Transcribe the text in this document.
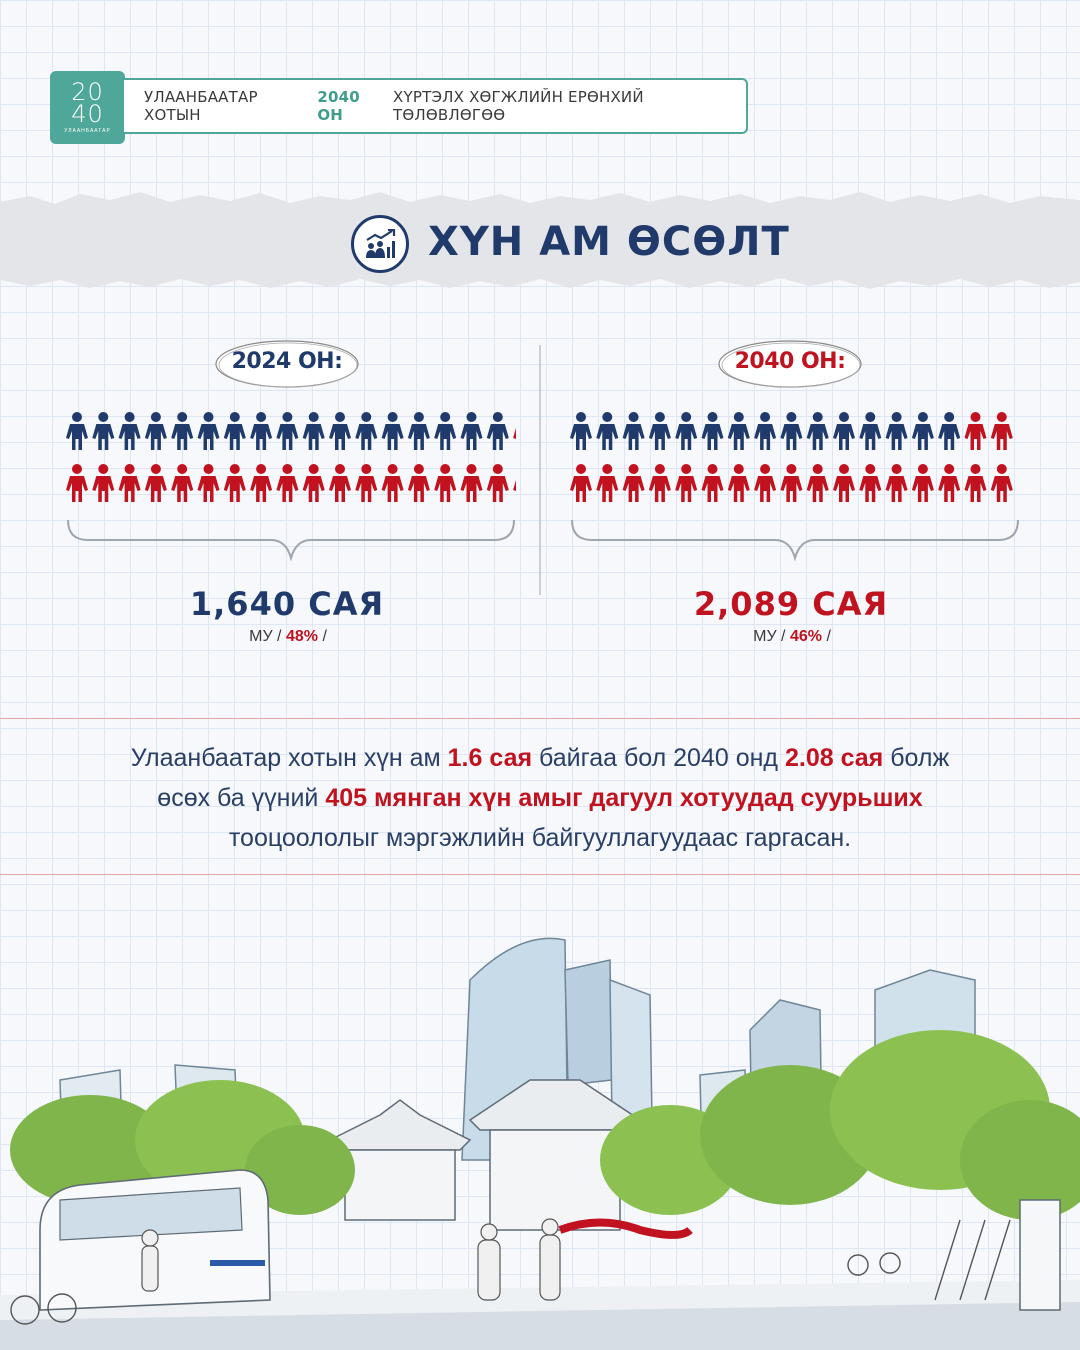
20
40
УЛААНБААТАР
УЛААНБААТАР ХОТЫН
2040 ОН
ХҮРТЭЛХ ХӨГЖЛИЙН ЕРӨНХИЙ ТӨЛӨВЛӨГӨӨ
ХҮН АМ ӨСӨЛТ
2024 ОН:
1,640 САЯ
МУ / 48% /
2040 ОН:
2,089 САЯ
МУ / 46% /
Улаанбаатар хотын хүн ам 1.6 сая байгаа бол 2040 онд 2.08 сая болж
өсөх ба үүний 405 мянган хүн амыг дагуул хотуудад суурьших
тооцоололыг мэргэжлийн байгууллагуудаас гаргасан.
